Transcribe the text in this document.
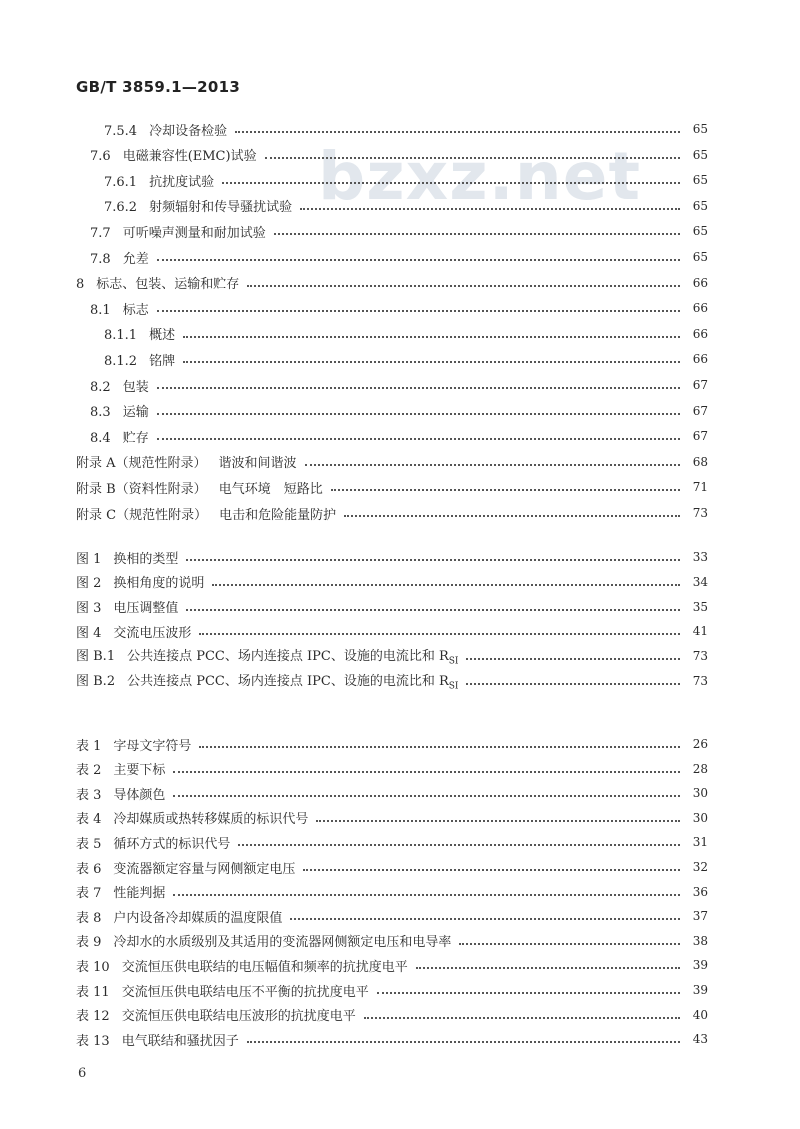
GB/T 3859.1—2013
bzxz.net
7.5.4 冷却设备检验	65
7.6 电磁兼容性(EMC)试验	65
7.6.1 抗扰度试验	65
7.6.2 射频辐射和传导骚扰试验	65
7.7 可听噪声测量和耐加试验	65
7.8 允差	65
8 标志、包装、运输和贮存	66
8.1 标志	66
8.1.1 概述	66
8.1.2 铭牌	66
8.2 包装	67
8.3 运输	67
8.4 贮存	67
附录 A（规范性附录） 谐波和间谐波	68
附录 B（资料性附录） 电气环境　短路比	71
附录 C（规范性附录） 电击和危险能量防护	73
图 1 换相的类型	33
图 2 换相角度的说明	34
图 3 电压调整值	35
图 4 交流电压波形	41
图 B.1 公共连接点 PCC、场内连接点 IPC、设施的电流比和 $R_{SI}$	73
图 B.2 公共连接点 PCC、场内连接点 IPC、设施的电流比和 $R_{SI}$	73
表 1 字母文字符号	26
表 2 主要下标	28
表 3 导体颜色	30
表 4 冷却媒质或热转移媒质的标识代号	30
表 5 循环方式的标识代号	31
表 6 变流器额定容量与网侧额定电压	32
表 7 性能判据	36
表 8 户内设备冷却媒质的温度限值	37
表 9 冷却水的水质级别及其适用的变流器网侧额定电压和电导率	38
表 10 交流恒压供电联结的电压幅值和频率的抗扰度电平	39
表 11 交流恒压供电联结电压不平衡的抗扰度电平	39
表 12 交流恒压供电联结电压波形的抗扰度电平	40
表 13 电气联结和骚扰因子	43
6
